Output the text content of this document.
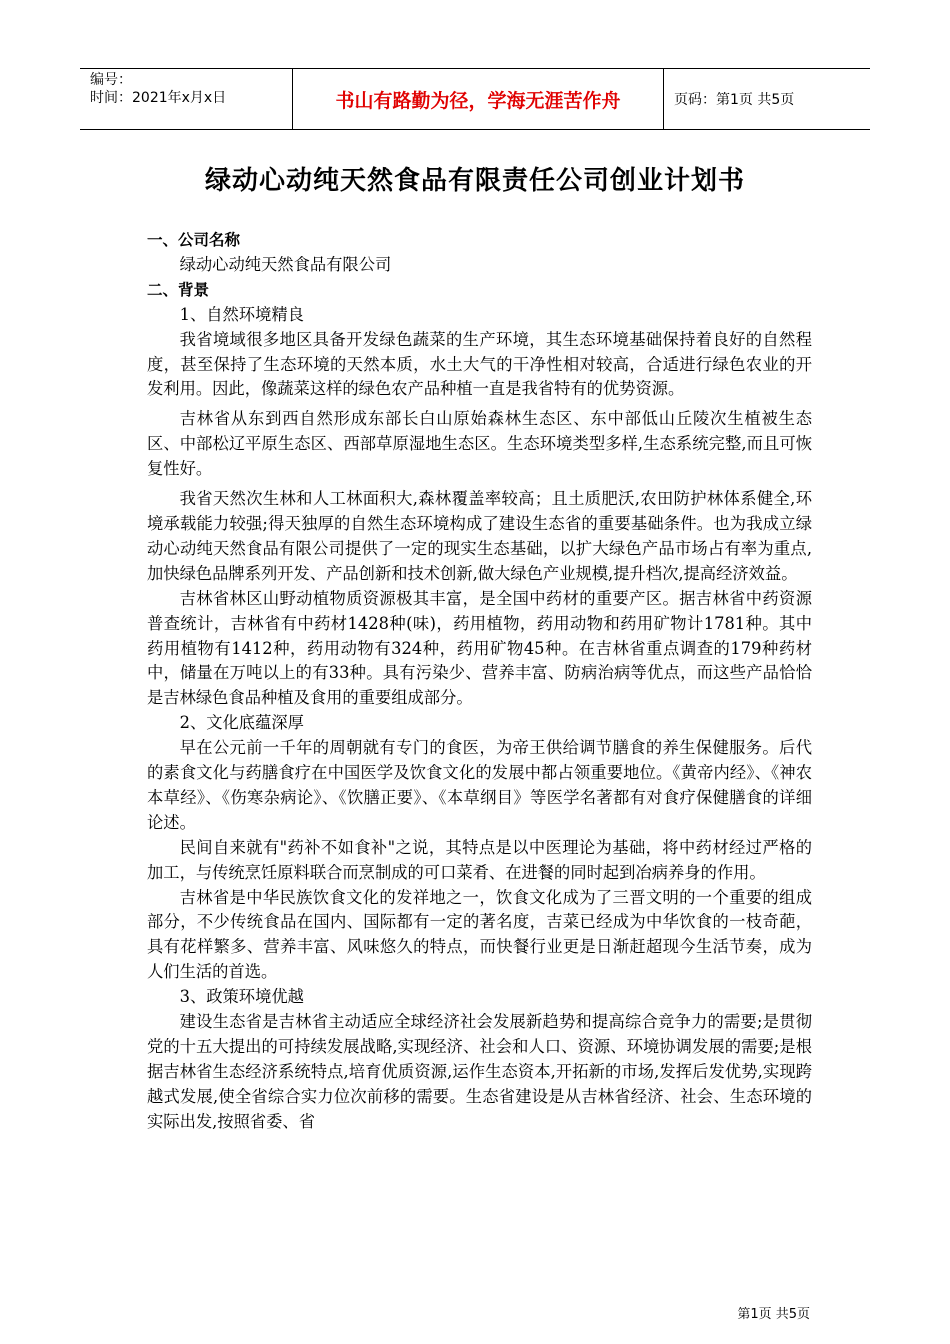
编号：
时间：2021年x月x日	书山有路勤为径，学海无涯苦作舟	页码：第1页 共5页
绿动心动纯天然食品有限责任公司创业计划书

一、公司名称

绿动心动纯天然食品有限公司

二、背景

1、自然环境精良

我省境域很多地区具备开发绿色蔬菜的生产环境，其生态环境基础保持着良好的自然程度，甚至保持了生态环境的天然本质，水土大气的干净性相对较高，合适进行绿色农业的开发利用。因此，像蔬菜这样的绿色农产品种植一直是我省特有的优势资源。

吉林省从东到西自然形成东部长白山原始森林生态区、东中部低山丘陵次生植被生态区、中部松辽平原生态区、西部草原湿地生态区。生态环境类型多样,生态系统完整,而且可恢复性好。

我省天然次生林和人工林面积大,森林覆盖率较高；且土质肥沃,农田防护林体系健全,环境承载能力较强;得天独厚的自然生态环境构成了建设生态省的重要基础条件。也为我成立绿动心动纯天然食品有限公司提供了一定的现实生态基础，以扩大绿色产品市场占有率为重点,加快绿色品牌系列开发、产品创新和技术创新,做大绿色产业规模,提升档次,提高经济效益。

吉林省林区山野动植物质资源极其丰富，是全国中药材的重要产区。据吉林省中药资源普查统计，吉林省有中药材1428种(味)，药用植物，药用动物和药用矿物计1781种。其中药用植物有1412种，药用动物有324种，药用矿物45种。在吉林省重点调查的179种药材中，储量在万吨以上的有33种。具有污染少、营养丰富、防病治病等优点，而这些产品恰恰是吉林绿色食品种植及食用的重要组成部分。

2、文化底蕴深厚

早在公元前一千年的周朝就有专门的食医，为帝王供给调节膳食的养生保健服务。后代的素食文化与药膳食疗在中国医学及饮食文化的发展中都占领重要地位。《黄帝内经》、《神农本草经》、《伤寒杂病论》、《饮膳正要》、《本草纲目》等医学名著都有对食疗保健膳食的详细论述。

民间自来就有"药补不如食补"之说，其特点是以中医理论为基础，将中药材经过严格的加工，与传统烹饪原料联合而烹制成的可口菜肴、在进餐的同时起到冶病养身的作用。

吉林省是中华民族饮食文化的发祥地之一，饮食文化成为了三晋文明的一个重要的组成部分，不少传统食品在国内、国际都有一定的著名度，吉菜已经成为中华饮食的一枝奇葩，具有花样繁多、营养丰富、风味悠久的特点，而快餐行业更是日渐赶超现今生活节奏，成为人们生活的首选。

3、政策环境优越

建设生态省是吉林省主动适应全球经济社会发展新趋势和提高综合竞争力的需要;是贯彻党的十五大提出的可持续发展战略,实现经济、社会和人口、资源、环境协调发展的需要;是根据吉林省生态经济系统特点,培育优质资源,运作生态资本,开拓新的市场,发挥后发优势,实现跨越式发展,使全省综合实力位次前移的需要。生态省建设是从吉林省经济、社会、生态环境的实际出发,按照省委、省

第1页 共5页
